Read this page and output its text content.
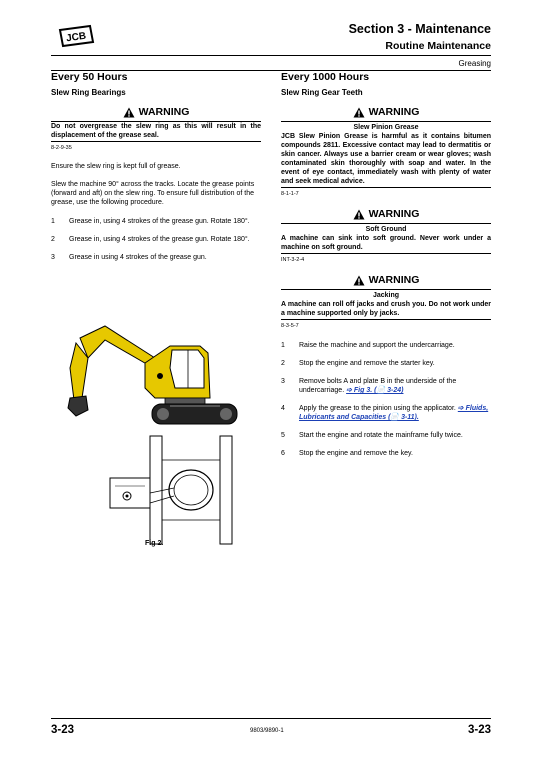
JCB
Section 3 - Maintenance
Routine Maintenance
Greasing
Every 50 Hours
Slew Ring Bearings
WARNING
Do not overgrease the slew ring as this will result in the displacement of the grease seal.
8-2-9-35

Ensure the slew ring is kept full of grease.

Slew the machine 90° across the tracks. Locate the grease points (forward and aft) on the slew ring. To ensure full distribution of the grease, use the following procedure.

1	Grease in, using 4 strokes of the grease gun. Rotate 180°.
2	Grease in, using 4 strokes of the grease gun. Rotate 180°.
3	Grease in using 4 strokes of the grease gun.
Fig 2.
Every 1000 Hours
Slew Ring Gear Teeth
WARNING
Slew Pinion Grease
JCB Slew Pinion Grease is harmful as it contains bitumen compounds 2811. Excessive contact may lead to dermatitis or skin cancer. Always use a barrier cream or wear gloves; wash contaminated skin thoroughly with soap and water. In the event of eye contact, immediately wash with plenty of water and seek medical advice.
8-1-1-7
WARNING
Soft Ground
A machine can sink into soft ground. Never work under a machine on soft ground.
INT-3-2-4
WARNING
Jacking
A machine can roll off jacks and crush you. Do not work under a machine supported only by jacks.
8-3-5-7
1	Raise the machine and support the undercarriage.
2	Stop the engine and remove the starter key.
3	Remove bolts A and plate B in the underside of the undercarriage. ➩ Fig 3. (📄 3-24)
4	Apply the grease to the pinion using the applicator. ➩ Fluids, Lubricants and Capacities (📄 3-11).
5	Start the engine and rotate the mainframe fully twice.
6	Stop the engine and remove the key.
3-23	9803/9890-1	3-23
